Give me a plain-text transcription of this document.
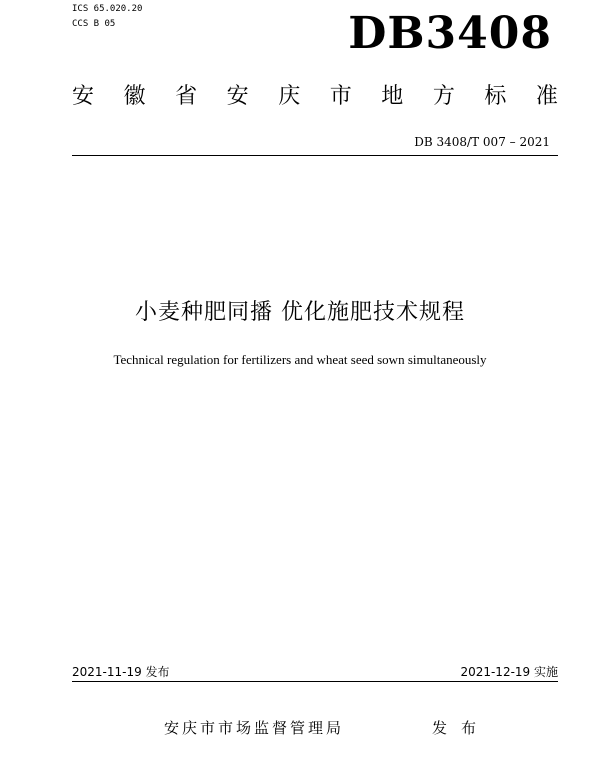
ICS 65.020.20
CCS B 05	DB3408
安 徽 省 安 庆 市 地 方 标 准
DB 3408/T 007 – 2021
小麦种肥同播 优化施肥技术规程
Technical regulation for fertilizers and wheat seed sown simultaneously
2021-11-19 发布	2021-12-19 实施
安庆市市场监督管理局	发布
